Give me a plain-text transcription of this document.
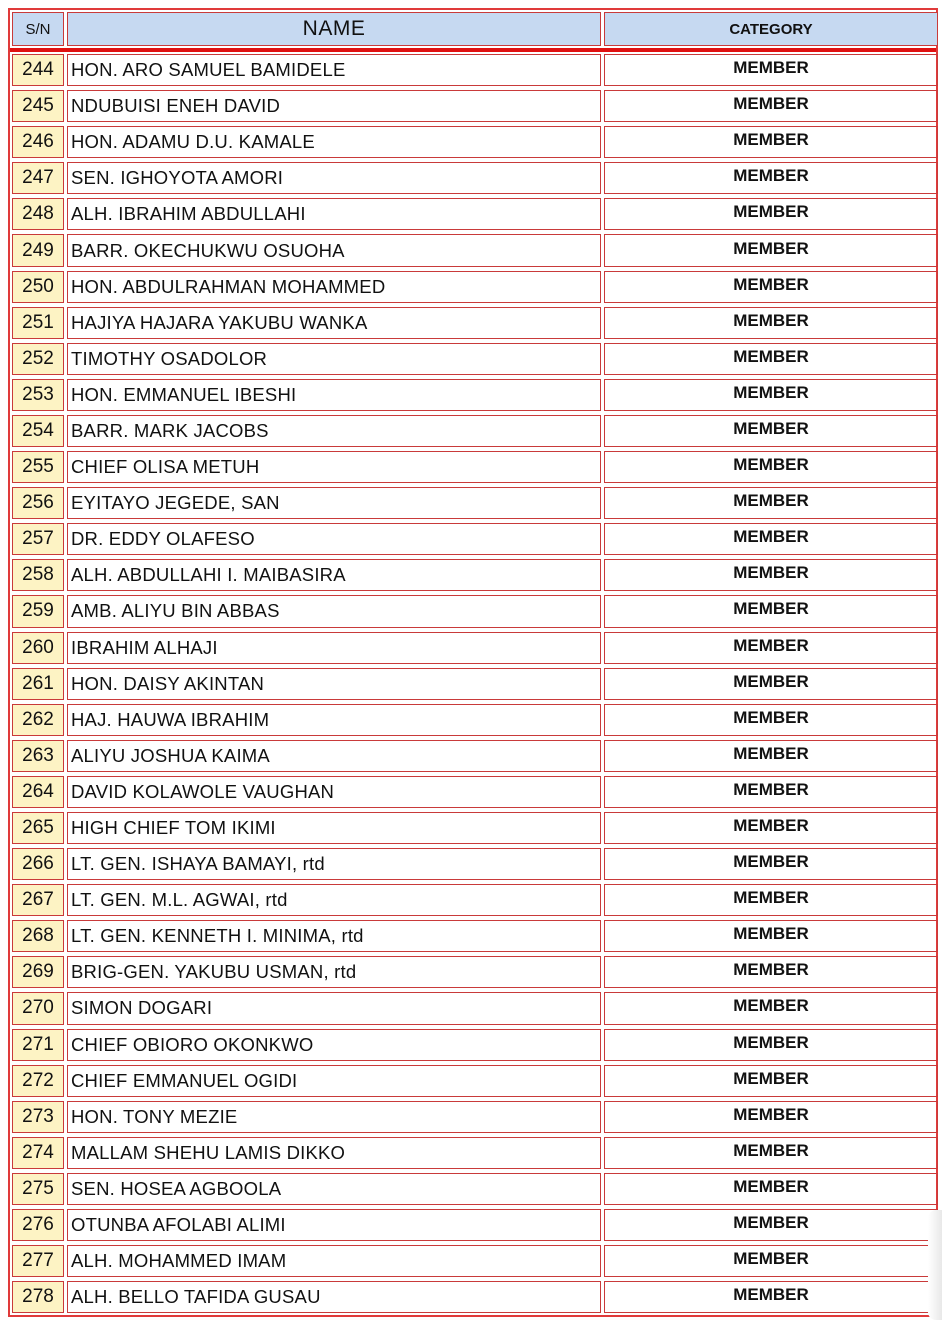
S/N	NAME	CATEGORY
244 HON. ARO SAMUEL BAMIDELE	MEMBER
245 NDUBUISI ENEH DAVID	MEMBER
246 HON. ADAMU D.U. KAMALE	MEMBER
247 SEN. IGHOYOTA AMORI	MEMBER
248 ALH. IBRAHIM ABDULLAHI	MEMBER
249 BARR. OKECHUKWU OSUOHA	MEMBER
250 HON. ABDULRAHMAN MOHAMMED	MEMBER
251 HAJIYA HAJARA YAKUBU WANKA	MEMBER
252 TIMOTHY OSADOLOR	MEMBER
253 HON. EMMANUEL IBESHI	MEMBER
254 BARR. MARK JACOBS	MEMBER
255 CHIEF OLISA METUH	MEMBER
256 EYITAYO JEGEDE, SAN	MEMBER
257 DR. EDDY OLAFESO	MEMBER
258 ALH. ABDULLAHI I. MAIBASIRA	MEMBER
259 AMB. ALIYU BIN ABBAS	MEMBER
260 IBRAHIM ALHAJI	MEMBER
261 HON. DAISY AKINTAN	MEMBER
262 HAJ. HAUWA IBRAHIM	MEMBER
263 ALIYU JOSHUA KAIMA	MEMBER
264 DAVID KOLAWOLE VAUGHAN	MEMBER
265 HIGH CHIEF TOM IKIMI	MEMBER
266 LT. GEN. ISHAYA BAMAYI, rtd	MEMBER
267 LT. GEN. M.L. AGWAI, rtd	MEMBER
268 LT. GEN. KENNETH I. MINIMA, rtd	MEMBER
269 BRIG-GEN. YAKUBU USMAN, rtd	MEMBER
270 SIMON DOGARI	MEMBER
271 CHIEF OBIORO OKONKWO	MEMBER
272 CHIEF EMMANUEL OGIDI	MEMBER
273 HON. TONY MEZIE	MEMBER
274 MALLAM SHEHU LAMIS DIKKO	MEMBER
275 SEN. HOSEA AGBOOLA	MEMBER
276 OTUNBA AFOLABI ALIMI	MEMBER
277 ALH. MOHAMMED IMAM	MEMBER
278 ALH. BELLO TAFIDA GUSAU	MEMBER
